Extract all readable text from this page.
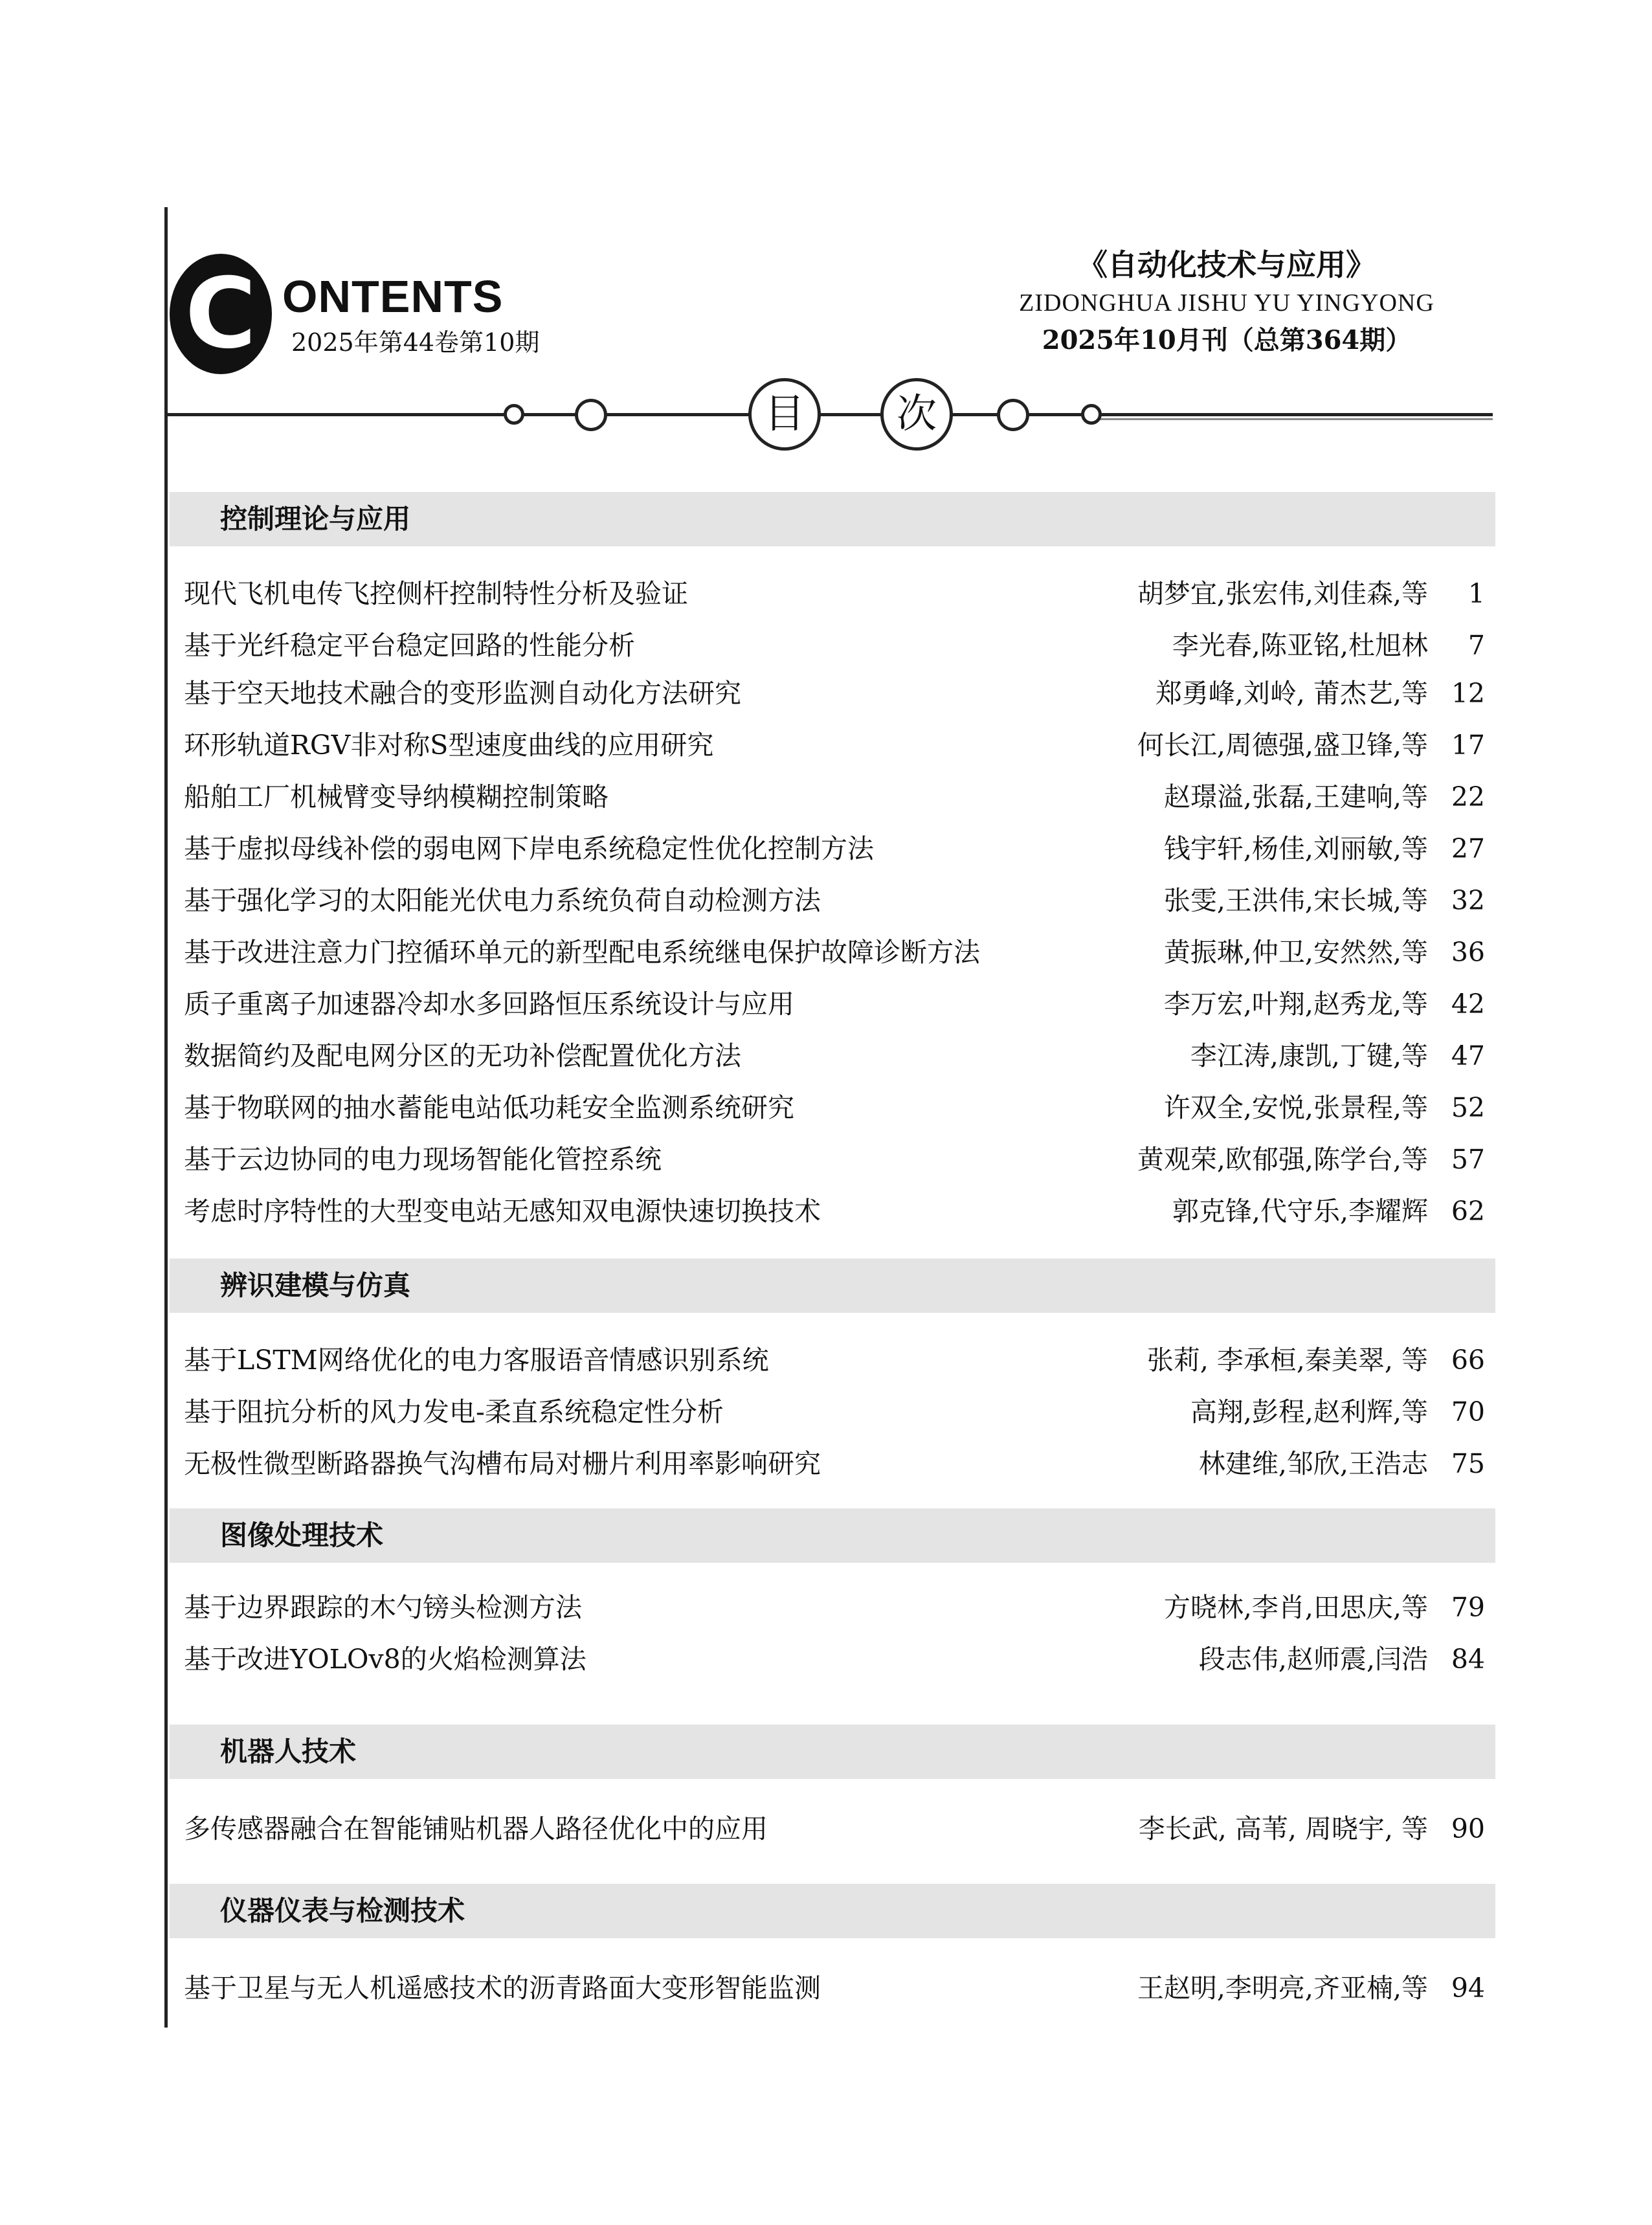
C ONTENTS
2025年第44卷第10期
《自动化技术与应用》
ZIDONGHUA JISHU YU YINGYONG
2025年10月刊（总第364期）
目	次
控制理论与应用
现代飞机电传飞控侧杆控制特性分析及验证	胡梦宜,张宏伟,刘佳森,等	1
基于光纤稳定平台稳定回路的性能分析	李光春,陈亚铭,杜旭林	7
基于空天地技术融合的变形监测自动化方法研究	郑勇峰,刘岭, 莆杰艺,等 12
环形轨道RGV非对称S型速度曲线的应用研究	何长江,周德强,盛卫锋,等 17
船舶工厂机械臂变导纳模糊控制策略	赵璟溢,张磊,王建响,等 22
基于虚拟母线补偿的弱电网下岸电系统稳定性优化控制方法	钱宇轩,杨佳,刘丽敏,等 27
基于强化学习的太阳能光伏电力系统负荷自动检测方法	张雯,王洪伟,宋长城,等 32
基于改进注意力门控循环单元的新型配电系统继电保护故障诊断方法	黄振琳,仲卫,安然然,等 36
质子重离子加速器冷却水多回路恒压系统设计与应用	李万宏,叶翔,赵秀龙,等 42
数据简约及配电网分区的无功补偿配置优化方法	李江涛,康凯,丁键,等 47
基于物联网的抽水蓄能电站低功耗安全监测系统研究	许双全,安悦,张景程,等 52
基于云边协同的电力现场智能化管控系统	黄观荣,欧郁强,陈学台,等 57
考虑时序特性的大型变电站无感知双电源快速切换技术	郭克锋,代守乐,李耀辉 62
辨识建模与仿真
基于LSTM网络优化的电力客服语音情感识别系统	张莉, 李承桓,秦美翠, 等 66
基于阻抗分析的风力发电-柔直系统稳定性分析	高翔,彭程,赵利辉,等 70
无极性微型断路器换气沟槽布局对栅片利用率影响研究	林建维,邹欣,王浩志 75
图像处理技术
基于边界跟踪的木勺镑头检测方法	方晓林,李肖,田思庆,等 79
基于改进YOLOv8的火焰检测算法	段志伟,赵师震,闫浩 84
机器人技术
多传感器融合在智能铺贴机器人路径优化中的应用	李长武, 高苇, 周晓宇, 等 90
仪器仪表与检测技术
基于卫星与无人机遥感技术的沥青路面大变形智能监测	王赵明,李明亮,齐亚楠,等 94
